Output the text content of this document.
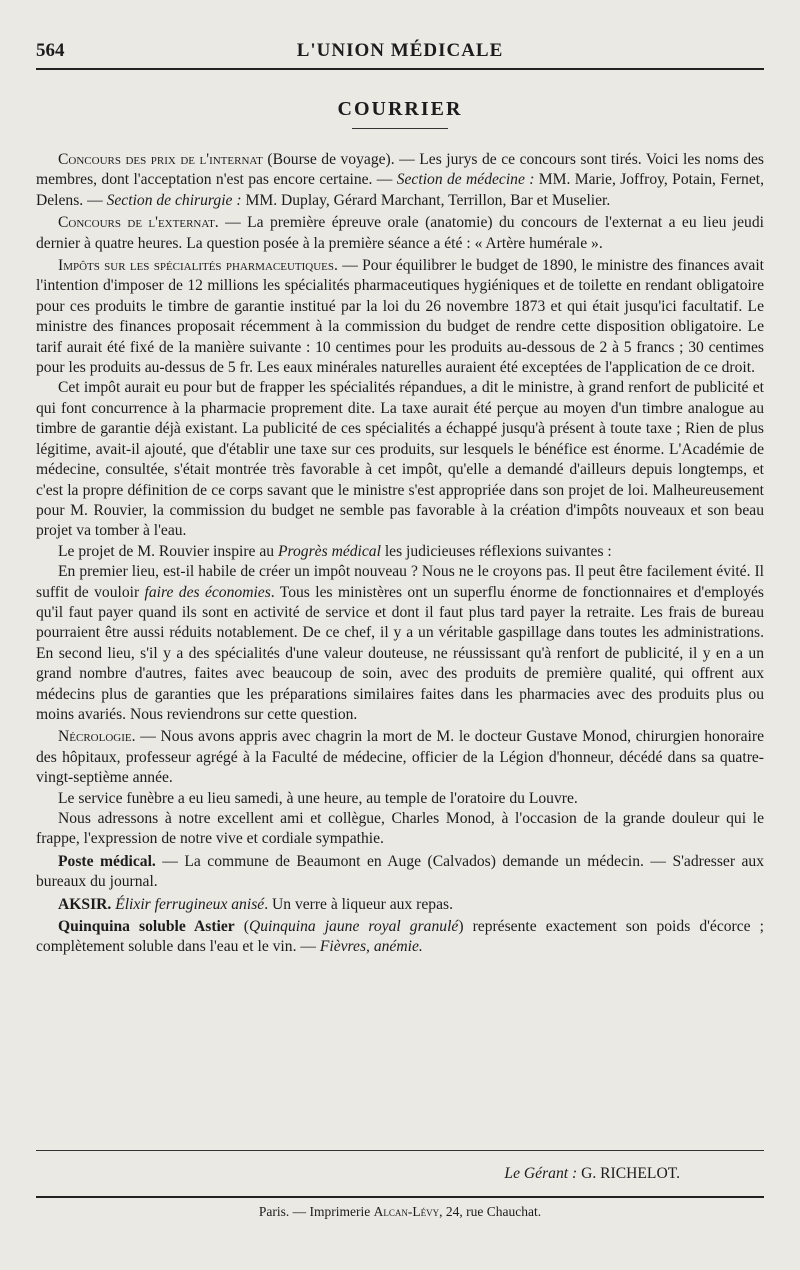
564	L'UNION MÉDICALE
COURRIER

Concours des prix de l'internat (Bourse de voyage). — Les jurys de ce concours sont tirés. Voici les noms des membres, dont l'acceptation n'est pas encore certaine. — Section de médecine : MM. Marie, Joffroy, Potain, Fernet, Delens. — Section de chirurgie : MM. Duplay, Gérard Marchant, Terrillon, Bar et Muselier.

Concours de l'externat. — La première épreuve orale (anatomie) du concours de l'externat a eu lieu jeudi dernier à quatre heures. La question posée à la première séance a été : « Artère humérale ».

Impôts sur les spécialités pharmaceutiques. — Pour équilibrer le budget de 1890, le ministre des finances avait l'intention d'imposer de 12 millions les spécialités pharmaceutiques hygiéniques et de toilette en rendant obligatoire pour ces produits le timbre de garantie institué par la loi du 26 novembre 1873 et qui était jusqu'ici facultatif. Le ministre des finances proposait récemment à la commission du budget de rendre cette disposition obligatoire. Le tarif aurait été fixé de la manière suivante : 10 centimes pour les produits au-dessous de 2 à 5 francs ; 30 centimes pour les produits au-dessus de 5 fr. Les eaux minérales naturelles auraient été exceptées de l'application de ce droit.

Cet impôt aurait eu pour but de frapper les spécialités répandues, a dit le ministre, à grand renfort de publicité et qui font concurrence à la pharmacie proprement dite. La taxe aurait été perçue au moyen d'un timbre analogue au timbre de garantie déjà existant. La publicité de ces spécialités a échappé jusqu'à présent à toute taxe ; Rien de plus légitime, avait-il ajouté, que d'établir une taxe sur ces produits, sur lesquels le bénéfice est énorme. L'Académie de médecine, consultée, s'était montrée très favorable à cet impôt, qu'elle a demandé d'ailleurs depuis longtemps, et c'est la propre définition de ce corps savant que le ministre s'est appropriée dans son projet de loi. Malheureusement pour M. Rouvier, la commission du budget ne semble pas favorable à la création d'impôts nouveaux et son beau projet va tomber à l'eau.

Le projet de M. Rouvier inspire au Progrès médical les judicieuses réflexions suivantes :

En premier lieu, est-il habile de créer un impôt nouveau ? Nous ne le croyons pas. Il peut être facilement évité. Il suffit de vouloir faire des économies. Tous les ministères ont un superflu énorme de fonctionnaires et d'employés qu'il faut payer quand ils sont en activité de service et dont il faut plus tard payer la retraite. Les frais de bureau pourraient être aussi réduits notablement. De ce chef, il y a un véritable gaspillage dans toutes les administrations. En second lieu, s'il y a des spécialités d'une valeur douteuse, ne réussissant qu'à renfort de publicité, il y en a un grand nombre d'autres, faites avec beaucoup de soin, avec des produits de première qualité, qui offrent aux médecins plus de garanties que les préparations similaires faites dans les pharmacies avec des produits plus ou moins avariés. Nous reviendrons sur cette question.

Nécrologie. — Nous avons appris avec chagrin la mort de M. le docteur Gustave Monod, chirurgien honoraire des hôpitaux, professeur agrégé à la Faculté de médecine, officier de la Légion d'honneur, décédé dans sa quatre-vingt-septième année.

Le service funèbre a eu lieu samedi, à une heure, au temple de l'oratoire du Louvre.

Nous adressons à notre excellent ami et collègue, Charles Monod, à l'occasion de la grande douleur qui le frappe, l'expression de notre vive et cordiale sympathie.

Poste médical. — La commune de Beaumont en Auge (Calvados) demande un médecin. — S'adresser aux bureaux du journal.

AKSIR. Élixir ferrugineux anisé. Un verre à liqueur aux repas.

Quinquina soluble Astier (Quinquina jaune royal granulé) représente exactement son poids d'écorce ; complètement soluble dans l'eau et le vin. — Fièvres, anémie.

Le Gérant : G. RICHELOT.
Paris. — Imprimerie Alcan-Lévy, 24, rue Chauchat.
